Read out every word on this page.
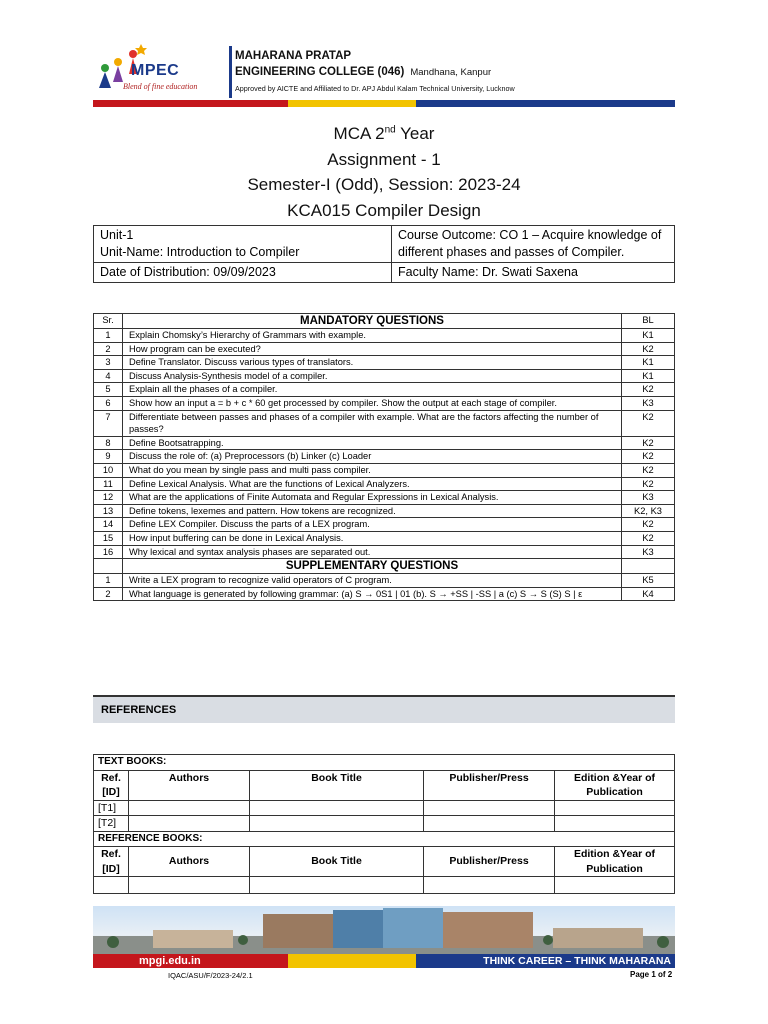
MPEC
Blend of fine education
MAHARANA PRATAP
ENGINEERING COLLEGE (046) Mandhana, Kanpur
Approved by AICTE and Affiliated to Dr. APJ Abdul Kalam Technical University, Lucknow
MCA 2nd Year
Assignment - 1
Semester-I (Odd), Session: 2023-24
KCA015 Compiler Design
Unit-1
Unit-Name: Introduction to Compiler	Course Outcome: CO 1 – Acquire knowledge of different phases and passes of Compiler.
Date of Distribution: 09/09/2023	Faculty Name: Dr. Swati Saxena
Sr.	MANDATORY QUESTIONS	BL
1	Explain Chomsky’s Hierarchy of Grammars with example.	K1
2	How program can be executed?	K2
3	Define Translator. Discuss various types of translators.	K1
4	Discuss Analysis-Synthesis model of a compiler.	K1
5	Explain all the phases of a compiler.	K2
6	Show how an input a = b + c * 60 get processed by compiler. Show the output at each stage of compiler.	K3
7	Differentiate between passes and phases of a compiler with example. What are the factors affecting the number of passes?	K2
8	Define Bootsatrapping.	K2
9	Discuss the role of: (a) Preprocessors (b) Linker (c) Loader	K2
10	What do you mean by single pass and multi pass compiler.	K2
11	Define Lexical Analysis. What are the functions of Lexical Analyzers.	K2
12	What are the applications of Finite Automata and Regular Expressions in Lexical Analysis.	K3
13	Define tokens, lexemes and pattern. How tokens are recognized.	K2, K3
14	Define LEX Compiler. Discuss the parts of a LEX program.	K2
15	How input buffering can be done in Lexical Analysis.	K2
16	Why lexical and syntax analysis phases are separated out.	K3
	SUPPLEMENTARY QUESTIONS	
1	Write a LEX program to recognize valid operators of C program.	K5
2	What language is generated by following grammar: (a) S → 0S1 | 01 (b). S → +SS | -SS | a (c) S → S (S) S | ε	K4
REFERENCES
TEXT BOOKS:				
Ref. [ID]	Authors	Book Title	Publisher/Press	Edition &Year of Publication
[T1]				
[T2]				
REFERENCE BOOKS:				
Ref. [ID]	Authors	Book Title	Publisher/Press	Edition &Year of Publication

mpgi.edu.in	THINK CAREER – THINK MAHARANA
IQAC/ASU/F/2023-24/2.1	Page 1 of 2
